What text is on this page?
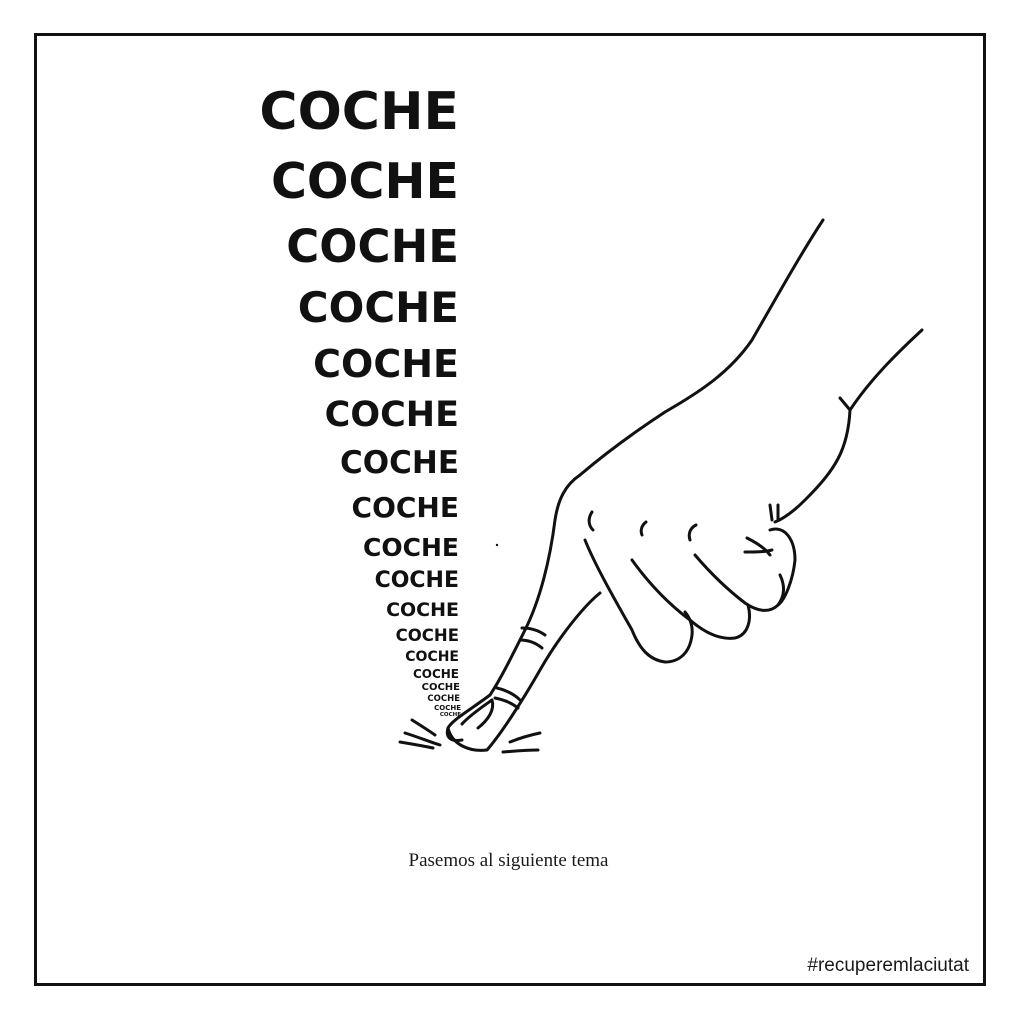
COCHE

COCHE

COCHE

COCHE

COCHE

COCHE

COCHE

COCHE

COCHE

COCHE

COCHE

COCHE

COCHE

COCHE

COCHE

COCHE

COCHE

COCHE

Pasemos al siguiente tema
#recuperemlaciutat
